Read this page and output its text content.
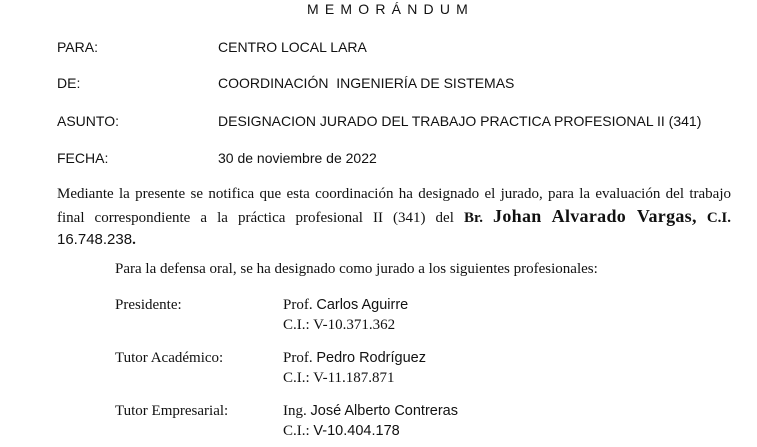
MEMORÁNDUM
PARA:	CENTRO LOCAL LARA
DE:	COORDINACIÓN  INGENIERÍA DE SISTEMAS
ASUNTO:	DESIGNACION JURADO DEL TRABAJO PRACTICA PROFESIONAL II (341)
FECHA:	30 de noviembre de 2022
Mediante la presente se notifica que esta coordinación ha designado el jurado, para la evaluación del trabajo final correspondiente a la práctica profesional II (341) del Br. Johan Alvarado Vargas, C.I. 16.748.238.
Para la defensa oral, se ha designado como jurado a los siguientes profesionales:
Presidente:	Prof. Carlos Aguirre
C.I.: V-10.371.362
Tutor Académico:	Prof. Pedro Rodríguez
C.I.: V-11.187.871
Tutor Empresarial:	Ing. José Alberto Contreras
C.I.: V-10.404.178
